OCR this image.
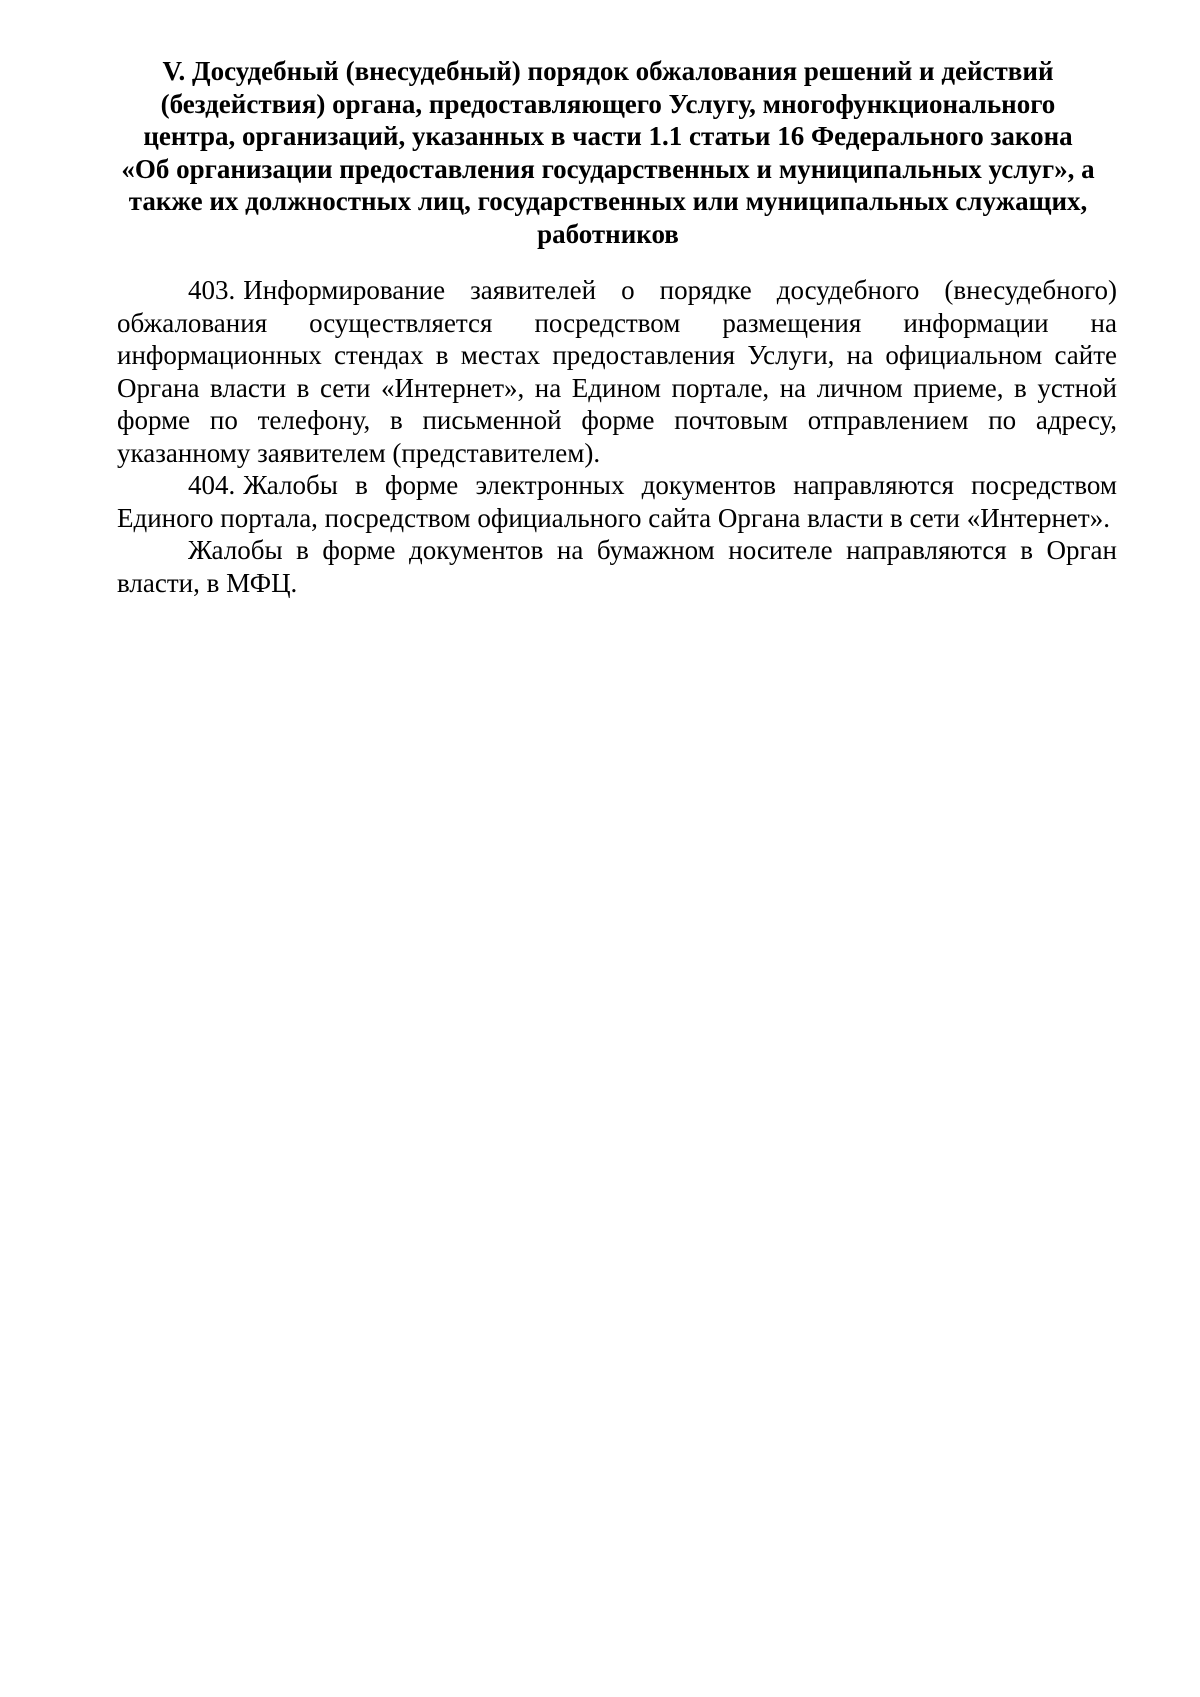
V. Досудебный (внесудебный) порядок обжалования решений и действий
(бездействия) органа, предоставляющего Услугу, многофункционального
центра, организаций, указанных в части 1.1 статьи 16 Федерального закона
«Об организации предоставления государственных и муниципальных услуг», а
также их должностных лиц, государственных или муниципальных служащих,
работников

403. Информирование заявителей о порядке досудебного (внесудебного) обжалования осуществляется посредством размещения информации на информационных стендах в местах предоставления Услуги, на официальном сайте Органа власти в сети «Интернет», на Едином портале, на личном приеме, в устной форме по телефону, в письменной форме почтовым отправлением по адресу, указанному заявителем (представителем).

404. Жалобы в форме электронных документов направляются посредством Единого портала, посредством официального сайта Органа власти в сети «Интернет».

Жалобы в форме документов на бумажном носителе направляются в Орган власти, в МФЦ.
